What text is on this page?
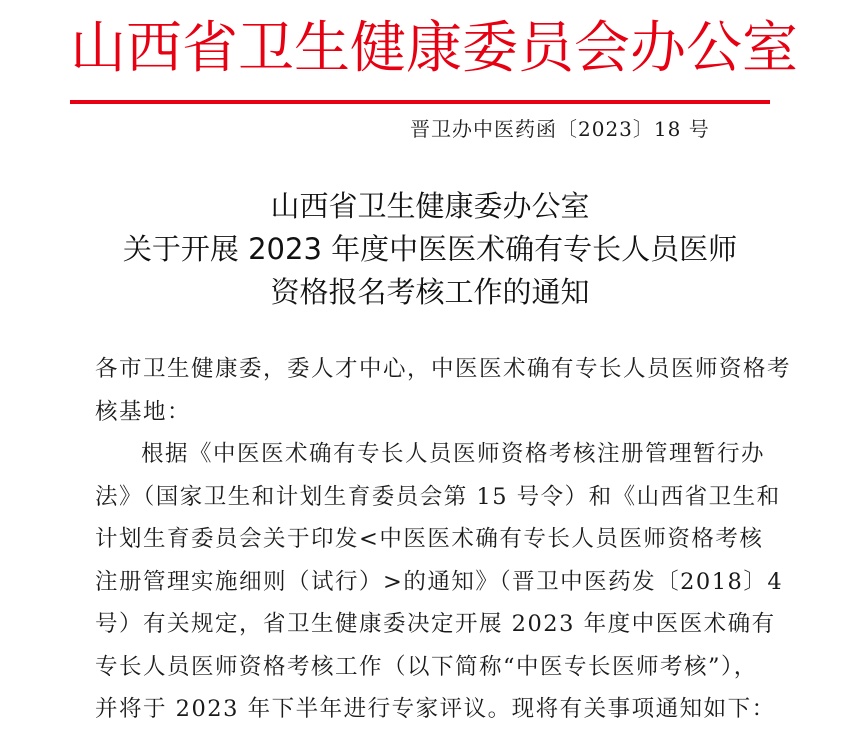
山西省卫生健康委员会办公室
晋卫办中医药函〔2023〕18 号
山西省卫生健康委办公室
关于开展 2023 年度中医医术确有专长人员医师
资格报名考核工作的通知
各市卫生健康委，委人才中心，中医医术确有专长人员医师资格考
核基地：
根据《中医医术确有专长人员医师资格考核注册管理暂行办
法》（国家卫生和计划生育委员会第 15 号令）和《山西省卫生和
计划生育委员会关于印发<中医医术确有专长人员医师资格考核
注册管理实施细则（试行）>的通知》（晋卫中医药发〔2018〕4
号）有关规定，省卫生健康委决定开展 2023 年度中医医术确有
专长人员医师资格考核工作（以下简称“中医专长医师考核”），
并将于 2023 年下半年进行专家评议。现将有关事项通知如下：
